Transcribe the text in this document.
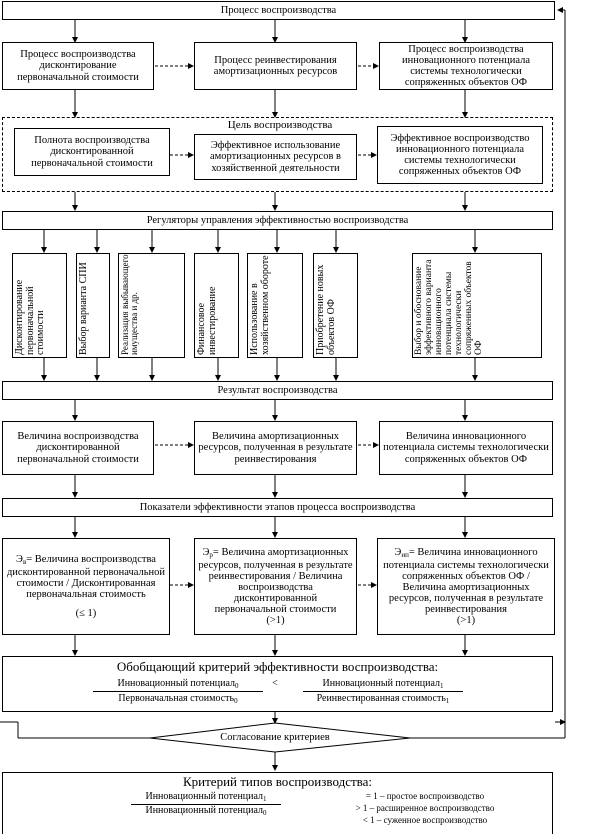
Процесс воспроизводства
Процесс воспроизводства дисконтирование первоначальной стоимости
Процесс реинвестирования амортизационных ресурсов
Процесс воспроизводства инновационного потенциала системы технологически сопряженных объектов ОФ
Цель воспроизводства
Полнота воспроизводства дисконтированной первоначальной стоимости
Эффективное использование амортизационных ресурсов в хозяйственной деятельности
Эффективное воспроизводство инновационного потенциала системы технологически сопряженных объектов ОФ
Регуляторы управления эффективностью воспроизводства
Дисконтирование первоначальной стоимости	Выбор варианта СПИ	Реализация выбывающего имущества и др.	Финансовое инвестирование	Использование в хозяйственном обороте	Приобретение новых объектов ОФ	Выбор и обоснование эффективного варианта инновационного потенциала системы технологически сопряженных объектов ОФ
Результат воспроизводства
Величина воспроизводства дисконтированной первоначальной стоимости
Величина амортизационных ресурсов, полученная в результате реинвестирования
Величина инновационного потенциала системы технологически сопряженных объектов ОФ
Показатели эффективности этапов процесса воспроизводства
$Э_в=$ Величина воспроизводства дисконтированной первоначальной стоимости / Дисконтированная первоначальная стоимость
(≤ 1)
$Э_р=$ Величина амортизационных ресурсов, полученная в результате реинвестирования / Величина воспроизводства дисконтированной первоначальной стоимости
(>1)
$Э_{ип}=$ Величина инновационного потенциала системы технологически сопряженных объектов ОФ / Величина амортизационных ресурсов, полученная в результате реинвестирования
(>1)
Обобщающий критерий эффективности воспроизводства:
Инновационный потенциал$_0$
Первоначальная стоимость$_0$
<	Инновационный потенциал$_1$
Реинвестированная стоимость$_1$
Согласование критериев
Критерий типов воспроизводства:
Инновационный потенциал$_1$
Инновационный потенциал$_0$
= 1 – простое воспроизводство
> 1 – расширенное воспроизводство
< 1 – суженное воспроизводство
